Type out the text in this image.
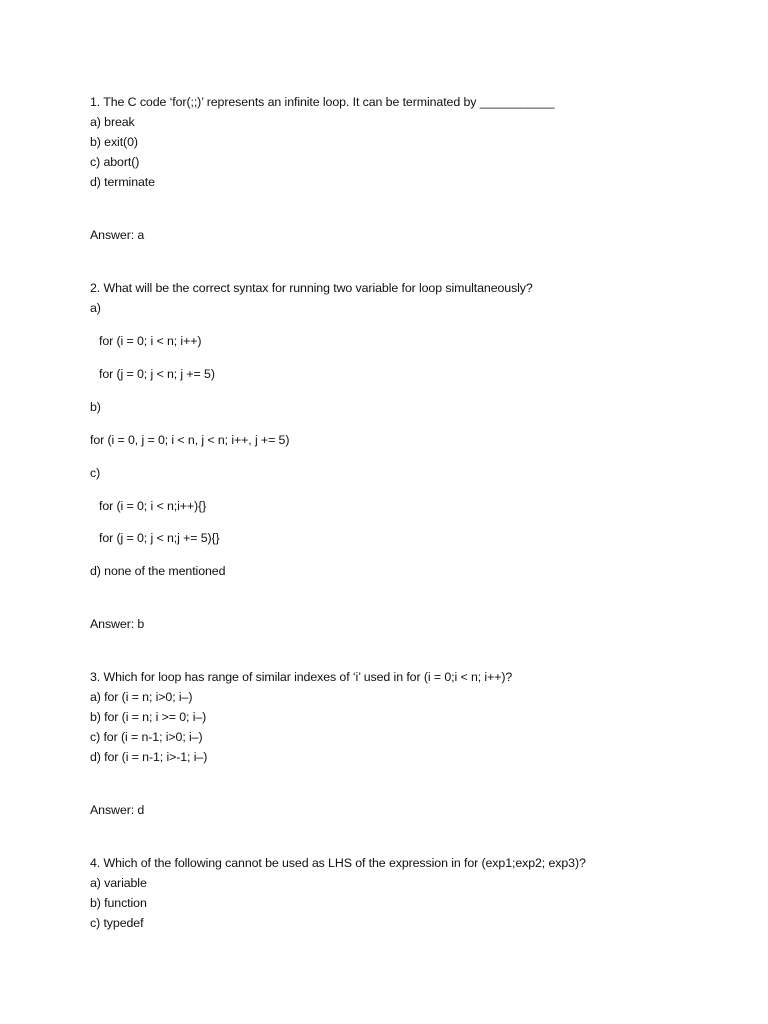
1. The C code ‘for(;;)’ represents an infinite loop. It can be terminated by ___________
a) break
b) exit(0)
c) abort()
d) terminate
Answer: a
2. What will be the correct syntax for running two variable for loop simultaneously?
a)
for (i = 0; i < n; i++)
for (j = 0; j < n; j += 5)
b)
for (i = 0, j = 0; i < n, j < n; i++, j += 5)
c)
for (i = 0; i < n;i++){}
for (j = 0; j < n;j += 5){}
d) none of the mentioned
Answer: b
3. Which for loop has range of similar indexes of ‘i’ used in for (i = 0;i < n; i++)?
a) for (i = n; i>0; i–)
b) for (i = n; i >= 0; i–)
c) for (i = n-1; i>0; i–)
d) for (i = n-1; i>-1; i–)
Answer: d
4. Which of the following cannot be used as LHS of the expression in for (exp1;exp2; exp3)?
a) variable
b) function
c) typedef
